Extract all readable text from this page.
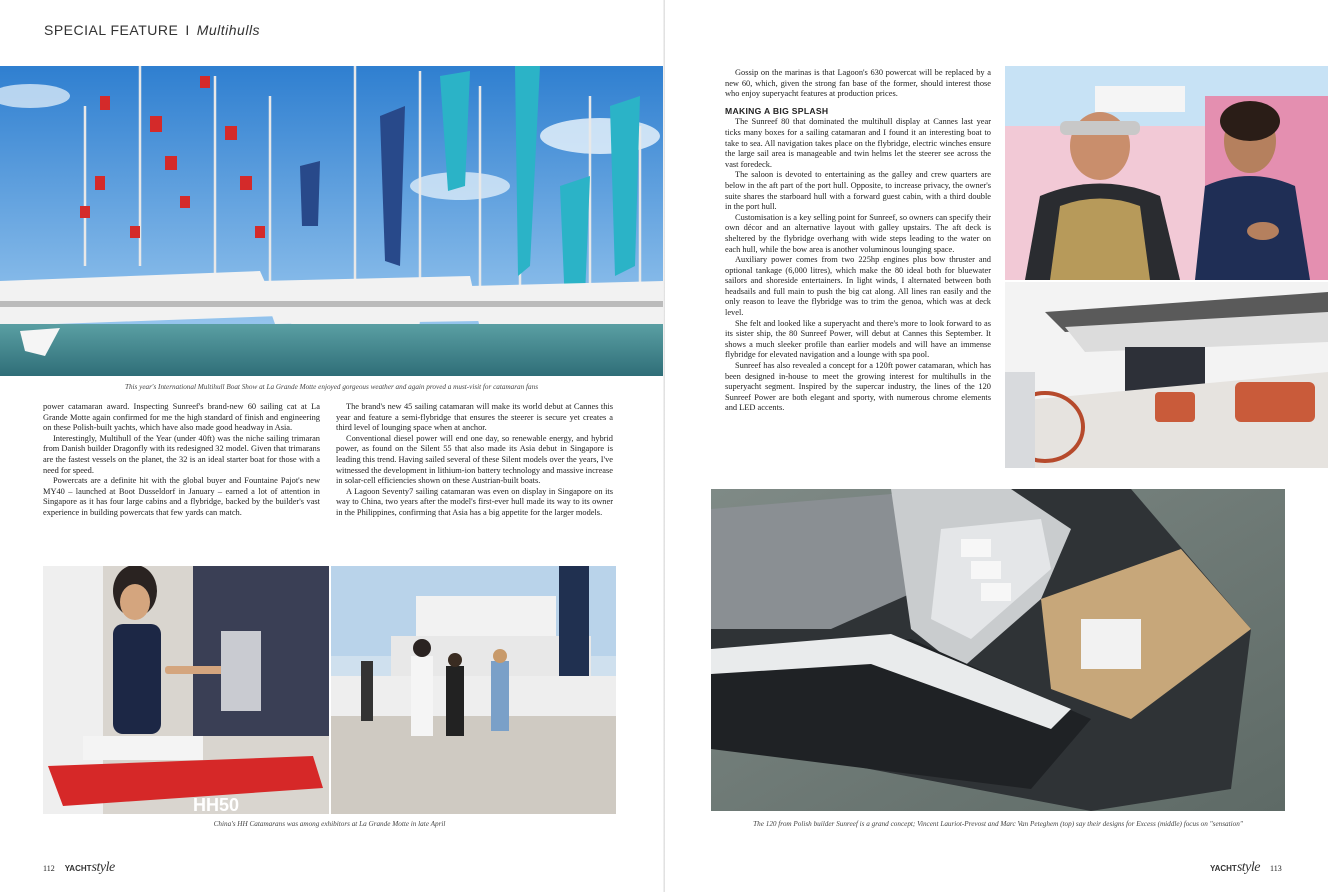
SPECIAL FEATURE I Multihulls
This year's International Multihull Boat Show at La Grande Motte enjoyed gorgeous weather and again proved a must-visit for catamaran fans

power catamaran award. Inspecting Sunreef's brand-new 60 sailing cat at La Grande Motte again confirmed for me the high standard of finish and engineering on these Polish-built yachts, which have also made good headway in Asia.

Interestingly, Multihull of the Year (under 40ft) was the niche sailing trimaran from Danish builder Dragonfly with its redesigned 32 model. Given that trimarans are the fastest vessels on the planet, the 32 is an ideal starter boat for those with a need for speed.

Powercats are a definite hit with the global buyer and Fountaine Pajot's new MY40 – launched at Boot Dusseldorf in January – earned a lot of attention in Singapore as it has four large cabins and a flybridge, backed by the builder's vast experience in building powercats that few yards can match.

The brand's new 45 sailing catamaran will make its world debut at Cannes this year and feature a semi-flybridge that ensures the steerer is secure yet creates a third level of lounging space when at anchor.

Conventional diesel power will end one day, so renewable energy, and hybrid power, as found on the Silent 55 that also made its Asia debut in Singapore is leading this trend. Having sailed several of these Silent models over the years, I've witnessed the development in lithium-ion battery technology and massive increase in solar-cell efficiencies shown on these Austrian-built boats.

A Lagoon Seventy7 sailing catamaran was even on display in Singapore on its way to China, two years after the model's first-ever hull made its way to its owner in the Philippines, confirming that Asia has a big appetite for the larger models.

HH50
China's HH Catamarans was among exhibitors at La Grande Motte in late April
112 YACHTstyle

Gossip on the marinas is that Lagoon's 630 powercat will be replaced by a new 60, which, given the strong fan base of the former, should interest those who enjoy superyacht features at production prices.

MAKING A BIG SPLASH

The Sunreef 80 that dominated the multihull display at Cannes last year ticks many boxes for a sailing catamaran and I found it an interesting boat to take to sea. All navigation takes place on the flybridge, electric winches ensure the large sail area is manageable and twin helms let the steerer see across the vast foredeck.

The saloon is devoted to entertaining as the galley and crew quarters are below in the aft part of the port hull. Opposite, to increase privacy, the owner's suite shares the starboard hull with a forward guest cabin, with a third double in the port hull.

Customisation is a key selling point for Sunreef, so owners can specify their own décor and an alternative layout with galley upstairs. The aft deck is sheltered by the flybridge overhang with wide steps leading to the water on each hull, while the bow area is another voluminous lounging space.

Auxiliary power comes from two 225hp engines plus bow thruster and optional tankage (6,000 litres), which make the 80 ideal both for bluewater sailors and shoreside entertainers. In light winds, I alternated between both headsails and full main to push the big cat along. All lines ran easily and the only reason to leave the flybridge was to trim the genoa, which was at deck level.

She felt and looked like a superyacht and there's more to look forward to as its sister ship, the 80 Sunreef Power, will debut at Cannes this September. It shows a much sleeker profile than earlier models and will have an immense flybridge for elevated navigation and a lounge with spa pool.

Sunreef has also revealed a concept for a 120ft power catamaran, which has been designed in-house to meet the growing interest for multihulls in the superyacht segment. Inspired by the supercar industry, the lines of the 120 Sunreef Power are both elegant and sporty, with numerous chrome elements and LED accents.

The 120 from Polish builder Sunreef is a grand concept; Vincent Lauriot-Prevost and Marc Van Peteghem (top) say their designs for Excess (middle) focus on "sensation"
YACHTstyle 113
